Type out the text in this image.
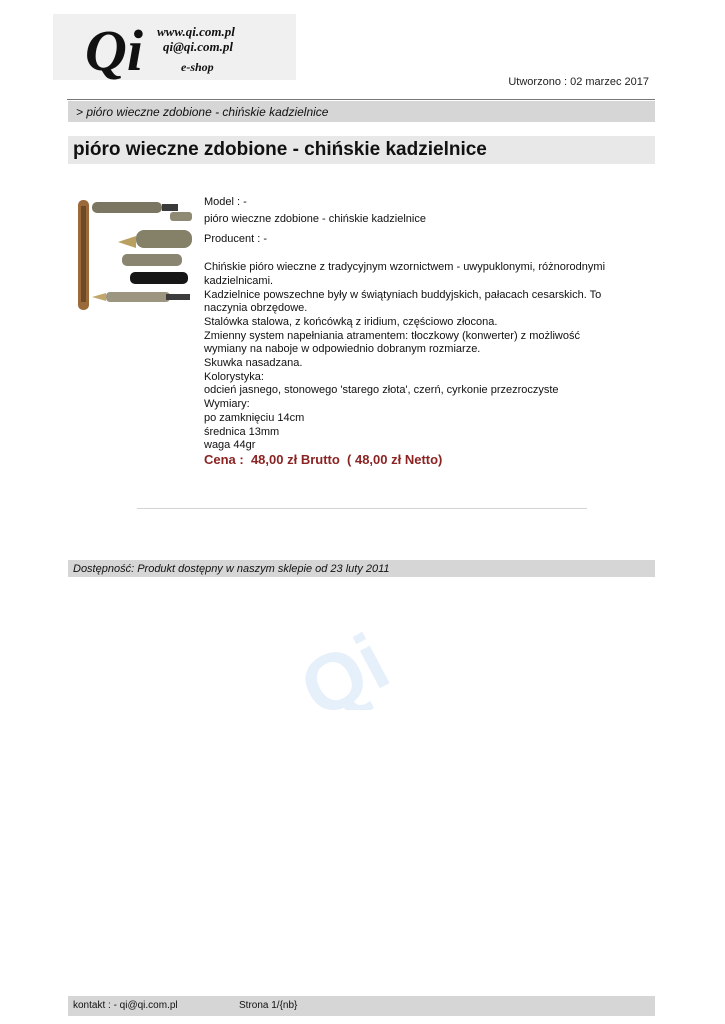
Qi www.qi.com.pl
qi@qi.com.pl
e-shop
Utworzono : 02 marzec 2017
> pióro wieczne zdobione - chińskie kadzielnice
pióro wieczne zdobione - chińskie kadzielnice

Model : -

pióro wieczne zdobione - chińskie kadzielnice

Producent : -

Chińskie pióro wieczne z tradycyjnym wzornictwem - uwypuklonymi, różnorodnymi kadzielnicami.

Kadzielnice powszechne były w świątyniach buddyjskich, pałacach cesarskich. To naczynia obrzędowe.

Stalówka stalowa, z końcówką z iridium, częściowo złocona.

Zmienny system napełniania atramentem: tłoczkowy (konwerter) z możliwość wymiany na naboje w odpowiednio dobranym rozmiarze.

Skuwka nasadzana.

Kolorystyka:

odcień jasnego, stonowego 'starego złota', czerń, cyrkonie przezroczyste

Wymiary:

po zamknięciu 14cm

średnica 13mm

waga 44gr

Cena :  48,00 zł Brutto  ( 48,00 zł Netto)

Dostępność: Produkt dostępny w naszym sklepie od 23 luty 2011
Qi
kontakt : - qi@qi.com.pl	Strona 1/{nb}
